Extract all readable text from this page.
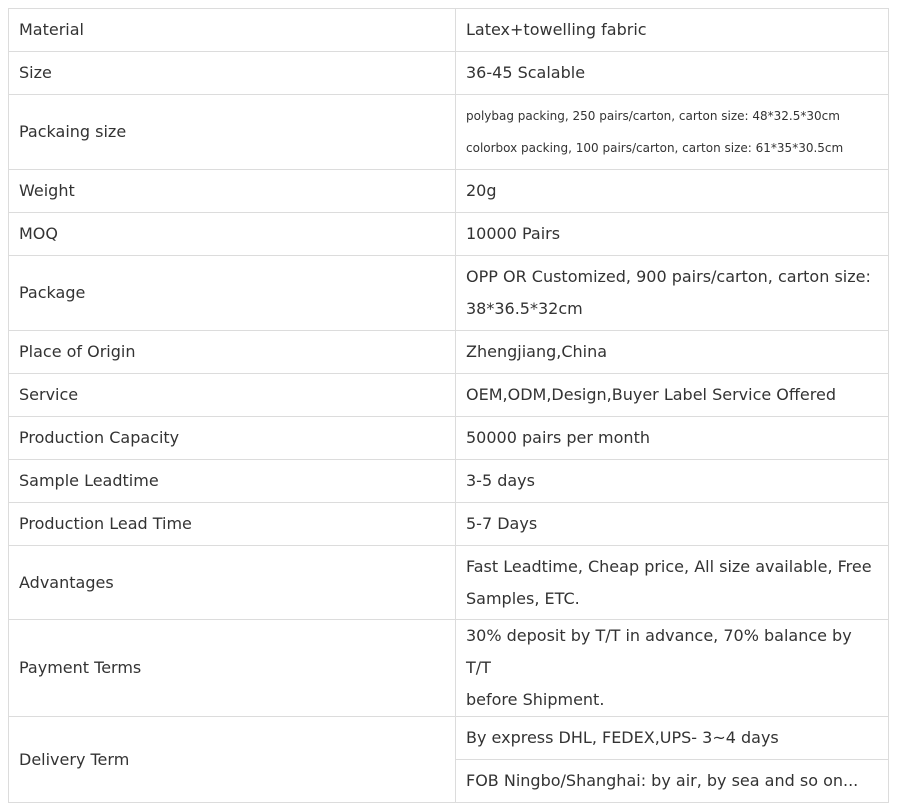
Material	Latex+towelling fabric
Size	36-45 Scalable
Packaing size	polybag packing, 250 pairs/carton, carton size: 48*32.5*30cm
colorbox packing, 100 pairs/carton, carton size: 61*35*30.5cm

Weight	20g
MOQ	10000 Pairs
Package	OPP OR Customized, 900 pairs/carton, carton size:
38*36.5*32cm

Place of Origin	Zhengjiang,China
Service	OEM,ODM,Design,Buyer Label Service Offered
Production Capacity	50000 pairs per month
Sample Leadtime	3-5 days
Production Lead Time	5-7 Days
Advantages	Fast Leadtime, Cheap price, All size available, Free
Samples, ETC.

Payment Terms	30% deposit by T/T in advance, 70% balance by T/T
before Shipment.

Delivery Term	By express DHL, FEDEX,UPS- 3~4 days
	FOB Ningbo/Shanghai: by air, by sea and so on...
